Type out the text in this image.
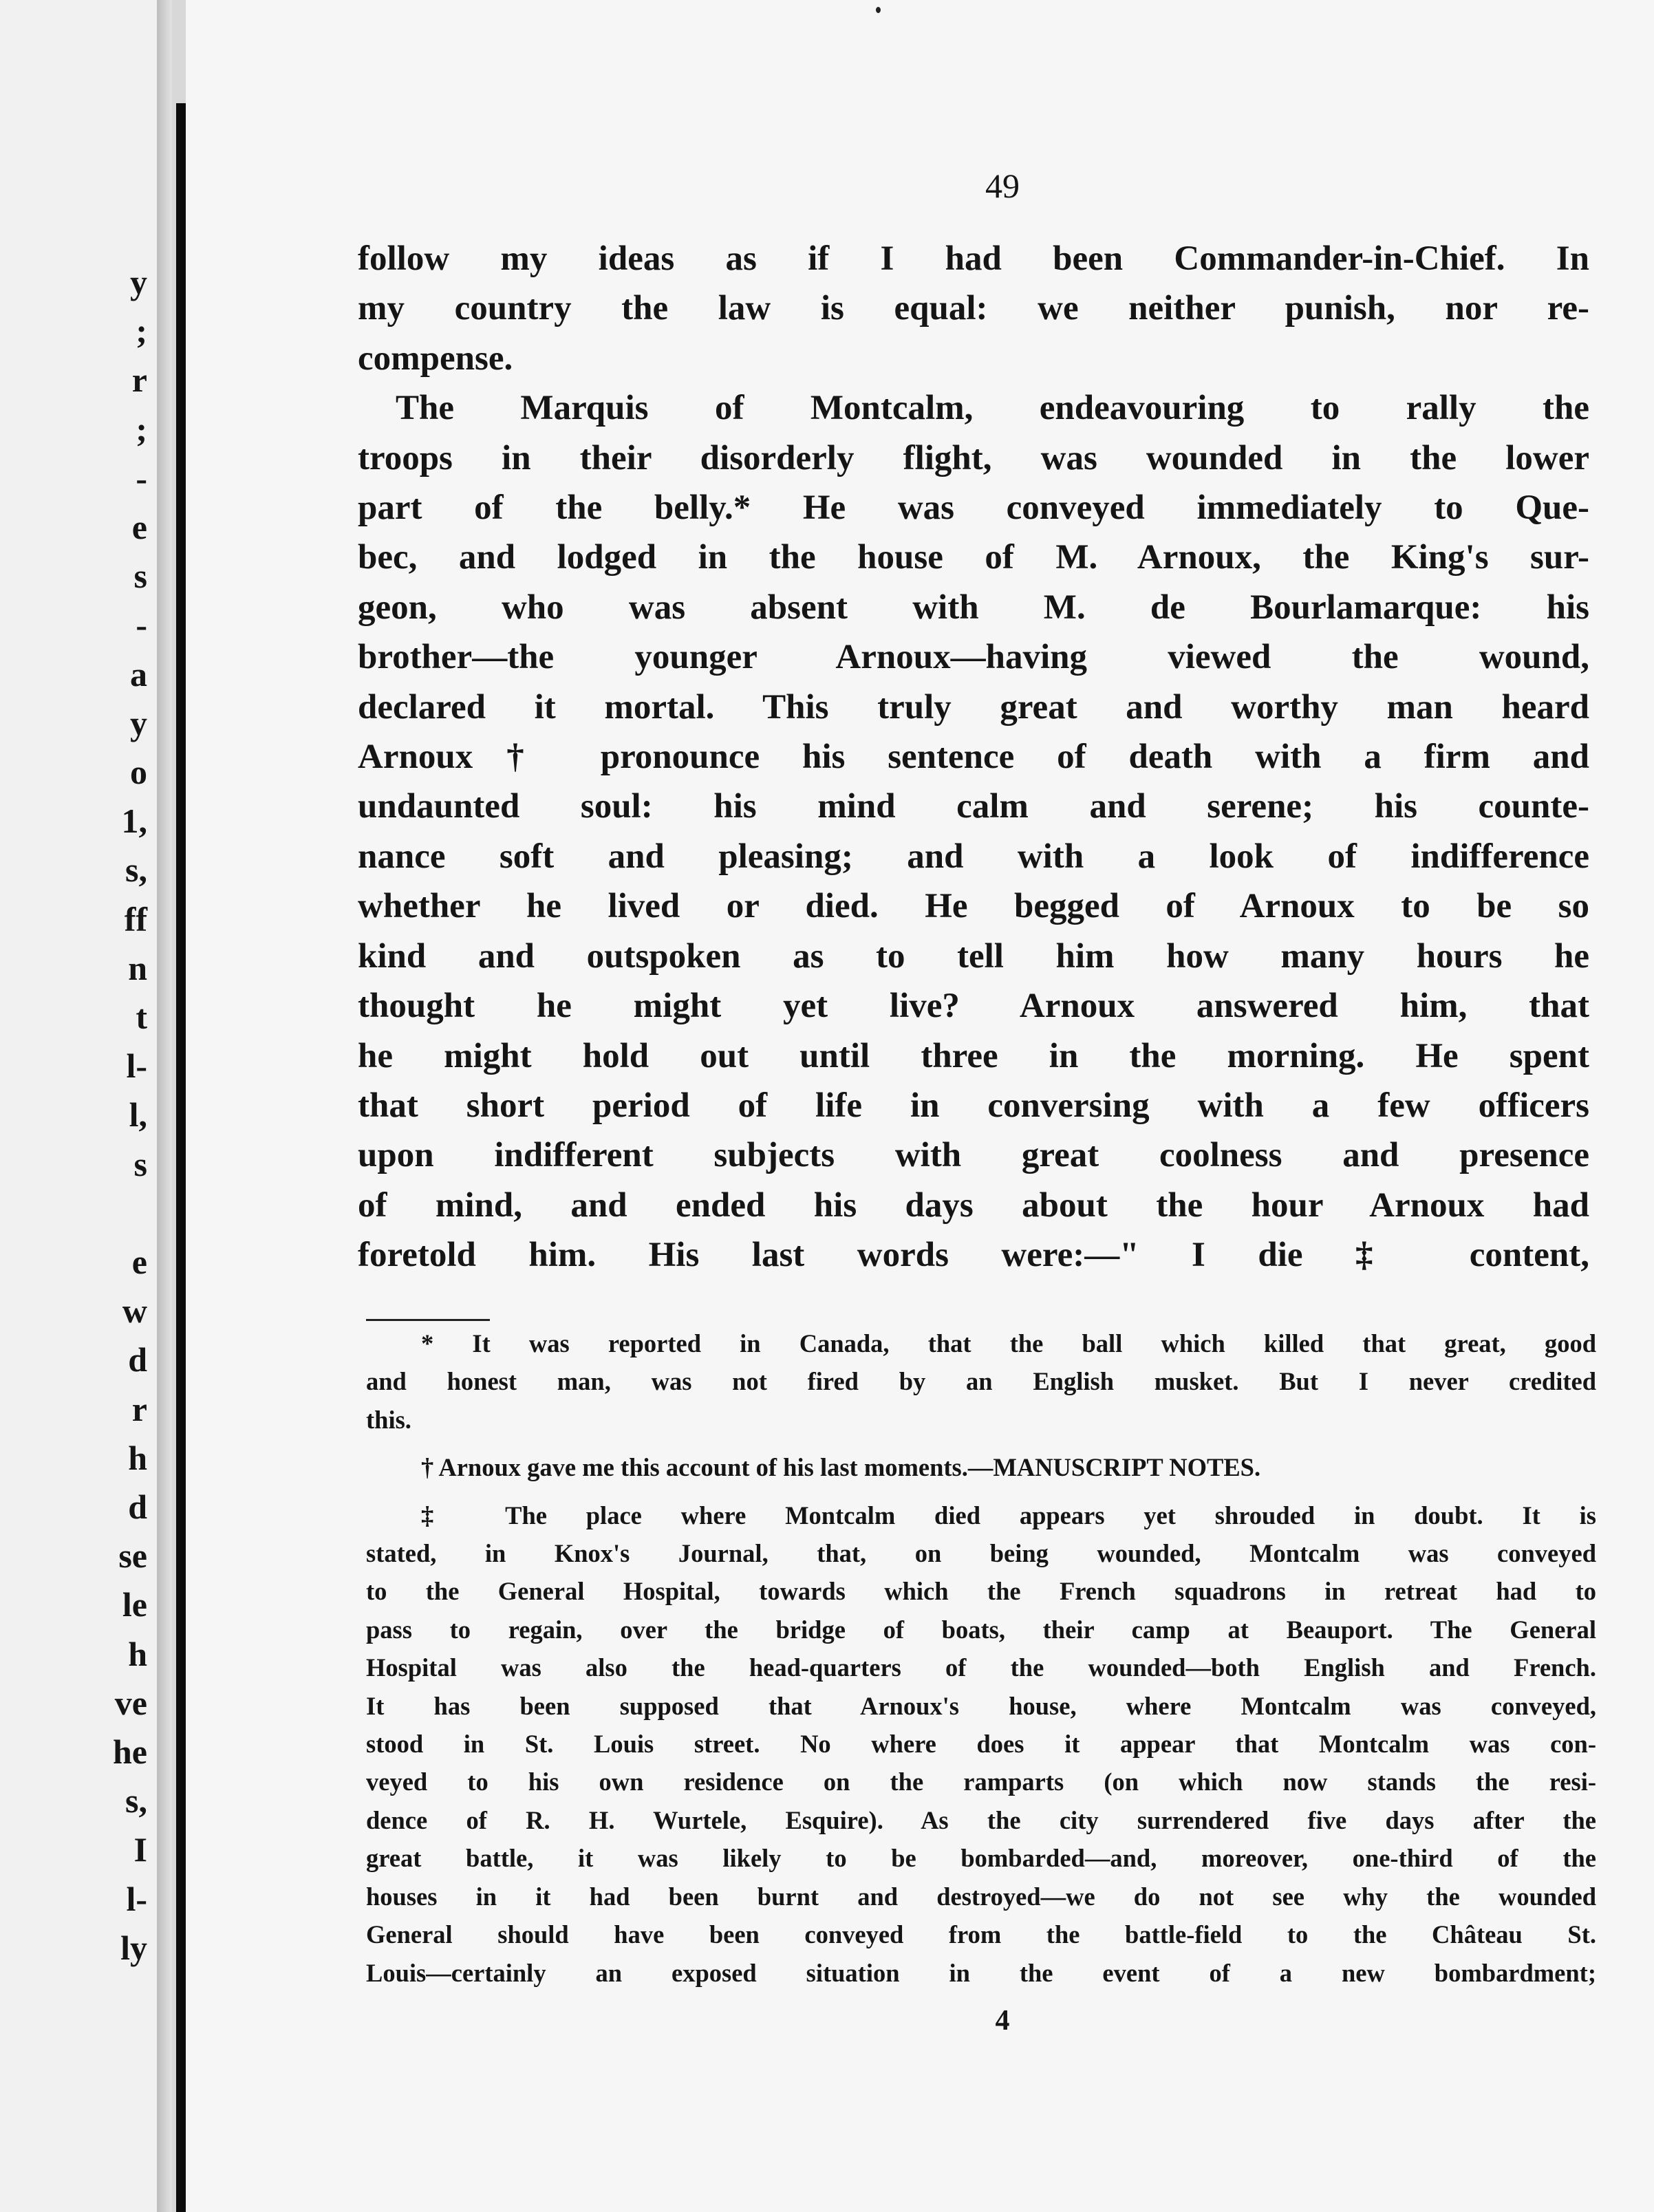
y
;
r
;
-
e
s
-
a
y
o
1,
s,
ff
n
t
l-
l,
s
e
w
d
r
h
d
se
le
h
ve
he
s,
I
l-
ly
49
follow my ideas as if I had been Commander-in-Chief. In
my country the law is equal: we neither punish, nor re-
compense.
The Marquis of Montcalm, endeavouring to rally the
troops in their disorderly flight, was wounded in the lower
part of the belly.* He was conveyed immediately to Que-
bec, and lodged in the house of M. Arnoux, the King's sur-
geon, who was absent with M. de Bourlamarque: his
brother—the younger Arnoux—having viewed the wound,
declared it mortal. This truly great and worthy man heard
Arnoux† pronounce his sentence of death with a firm and
undaunted soul: his mind calm and serene; his counte-
nance soft and pleasing; and with a look of indifference
whether he lived or died. He begged of Arnoux to be so
kind and outspoken as to tell him how many hours he
thought he might yet live? Arnoux answered him, that
he might hold out until three in the morning. He spent
that short period of life in conversing with a few officers
upon indifferent subjects with great coolness and presence
of mind, and ended his days about the hour Arnoux had
foretold him. His last words were:—" I die ‡ content,
* It was reported in Canada, that the ball which killed that great, good
and honest man, was not fired by an English musket. But I never credited
this.
† Arnoux gave me this account of his last moments.—MANUSCRIPT NOTES.
‡ The place where Montcalm died appears yet shrouded in doubt. It is
stated, in Knox's Journal, that, on being wounded, Montcalm was conveyed
to the General Hospital, towards which the French squadrons in retreat had to
pass to regain, over the bridge of boats, their camp at Beauport. The General
Hospital was also the head-quarters of the wounded—both English and French.
It has been supposed that Arnoux's house, where Montcalm was conveyed,
stood in St. Louis street. No where does it appear that Montcalm was con-
veyed to his own residence on the ramparts (on which now stands the resi-
dence of R. H. Wurtele, Esquire). As the city surrendered five days after the
great battle, it was likely to be bombarded—and, moreover, one-third of the
houses in it had been burnt and destroyed—we do not see why the wounded
General should have been conveyed from the battle-field to the Château St.
Louis—certainly an exposed situation in the event of a new bombardment;
4
